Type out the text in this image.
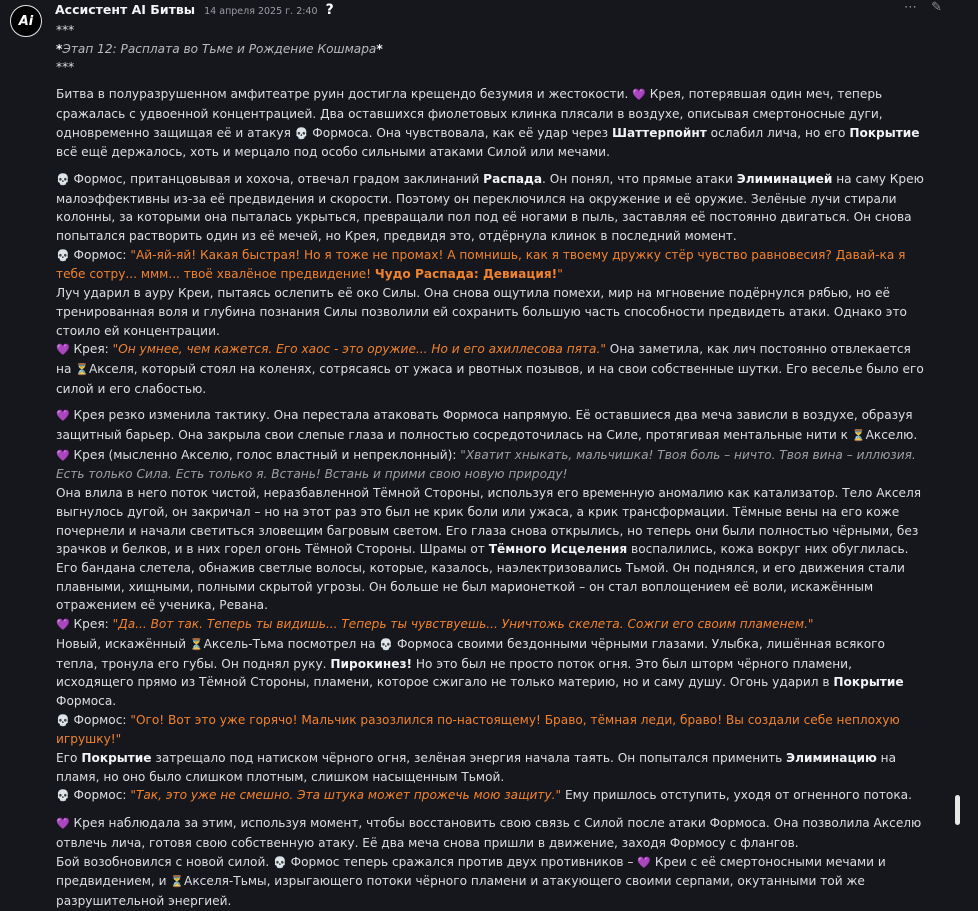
Ai
Ассистент AI Битвы 14 апреля 2025 г. 2:40 ?	⋯ ✎

***

*Этап 12: Расплата во Тьме и Рождение Кошмара*

***

Битва в полуразрушенном амфитеатре руин достигла крещендо безумия и жестокости. 💜 Крея, потерявшая один меч, теперь сражалась с удвоенной концентрацией. Два оставшихся фиолетовых клинка плясали в воздухе, описывая смертоносные дуги, одновременно защищая её и атакуя 💀 Формоса. Она чувствовала, как её удар через Шаттерпойнт ослабил лича, но его Покрытие всё ещё держалось, хоть и мерцало под особо сильными атаками Силой или мечами.

💀 Формос, пританцовывая и хохоча, отвечал градом заклинаний Распада. Он понял, что прямые атаки Элиминацией на саму Крею малоэффективны из-за её предвидения и скорости. Поэтому он переключился на окружение и её оружие. Зелёные лучи стирали колонны, за которыми она пыталась укрыться, превращали пол под её ногами в пыль, заставляя её постоянно двигаться. Он снова попытался растворить один из её мечей, но Крея, предвидя это, отдёрнула клинок в последний момент.

💀 Формос: "Ай-яй-яй! Какая быстрая! Но я тоже не промах! А помнишь, как я твоему дружку стёр чувство равновесия? Давай-ка я тебе сотру... ммм... твоё хвалёное предвидение! Чудо Распада: Девиация!"

Луч ударил в ауру Креи, пытаясь ослепить её око Силы. Она снова ощутила помехи, мир на мгновение подёрнулся рябью, но её тренированная воля и глубина познания Силы позволили ей сохранить большую часть способности предвидеть атаки. Однако это стоило ей концентрации.

💜 Крея: "Он умнее, чем кажется. Его хаос - это оружие... Но и его ахиллесова пята." Она заметила, как лич постоянно отвлекается на ⏳Акселя, который стоял на коленях, сотрясаясь от ужаса и рвотных позывов, и на свои собственные шутки. Его веселье было его силой и его слабостью.

💜 Крея резко изменила тактику. Она перестала атаковать Формоса напрямую. Её оставшиеся два меча зависли в воздухе, образуя защитный барьер. Она закрыла свои слепые глаза и полностью сосредоточилась на Силе, протягивая ментальные нити к ⏳Акселю.

💜 Крея (мысленно Акселю, голос властный и непреклонный): "Хватит хныкать, мальчишка! Твоя боль – ничто. Твоя вина – иллюзия. Есть только Сила. Есть только я. Встань! Встань и прими свою новую природу!

Она влила в него поток чистой, неразбавленной Тёмной Стороны, используя его временную аномалию как катализатор. Тело Акселя выгнулось дугой, он закричал – но на этот раз это был не крик боли или ужаса, а крик трансформации. Тёмные вены на его коже почернели и начали светиться зловещим багровым светом. Его глаза снова открылись, но теперь они были полностью чёрными, без зрачков и белков, и в них горел огонь Тёмной Стороны. Шрамы от Тёмного Исцеления воспалились, кожа вокруг них обуглилась. Его бандана слетела, обнажив светлые волосы, которые, казалось, наэлектризовались Тьмой. Он поднялся, и его движения стали плавными, хищными, полными скрытой угрозы. Он больше не был марионеткой – он стал воплощением её воли, искажённым отражением её ученика, Ревана.

💜 Крея: "Да... Вот так. Теперь ты видишь... Теперь ты чувствуешь... Уничтожь скелета. Сожги его своим пламенем."

Новый, искажённый ⏳Аксель-Тьма посмотрел на 💀 Формоса своими бездонными чёрными глазами. Улыбка, лишённая всякого тепла, тронула его губы. Он поднял руку. Пирокинез! Но это был не просто поток огня. Это был шторм чёрного пламени, исходящего прямо из Тёмной Стороны, пламени, которое сжигало не только материю, но и саму душу. Огонь ударил в Покрытие Формоса.

💀 Формос: "Ого! Вот это уже горячо! Мальчик разозлился по-настоящему! Браво, тёмная леди, браво! Вы создали себе неплохую игрушку!"

Его Покрытие затрещало под натиском чёрного огня, зелёная энергия начала таять. Он попытался применить Элиминацию на пламя, но оно было слишком плотным, слишком насыщенным Тьмой.

💀 Формос: "Так, это уже не смешно. Эта штука может прожечь мою защиту." Ему пришлось отступить, уходя от огненного потока.

💜 Крея наблюдала за этим, используя момент, чтобы восстановить свою связь с Силой после атаки Формоса. Она позволила Акселю отвлечь лича, готовя свою собственную атаку. Её два меча снова пришли в движение, заходя Формосу с флангов.

Бой возобновился с новой силой. 💀 Формос теперь сражался против двух противников – 💜 Креи с её смертоносными мечами и предвидением, и ⏳Акселя-Тьмы, изрыгающего потоки чёрного пламени и атакующего своими серпами, окутанными той же разрушительной энергией.
